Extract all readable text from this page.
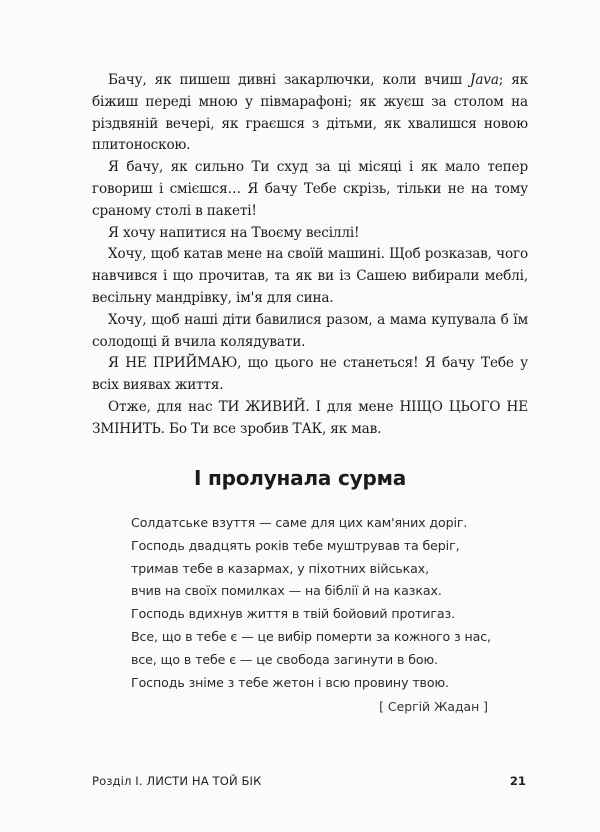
Бачу, як пишеш дивні закарлючки, коли вчиш Java; як біжиш переді мною у півмарафоні; як жуєш за столом на різдвяній вечері, як граєшся з дітьми, як хвалишся новою плитоноскою.

Я бачу, як сильно Ти схуд за ці місяці і як мало тепер говориш і смієшся… Я бачу Тебе скрізь, тільки не на тому сраному столі в пакеті!

Я хочу напитися на Твоєму весіллі!

Хочу, щоб катав мене на своїй машині. Щоб розказав, чого навчився і що прочитав, та як ви із Сашею вибирали меблі, весільну мандрівку, ім'я для сина.

Хочу, щоб наші діти бавилися разом, а мама купувала б їм солодощі й вчила колядувати.

Я НЕ ПРИЙМАЮ, що цього не станеться! Я бачу Тебе у всіх виявах життя.

Отже, для нас ТИ ЖИВИЙ. І для мене НІЩО ЦЬОГО НЕ ЗМІНИТЬ. Бо Ти все зробив ТАК, як мав.

І пролунала сурма
Солдатське взуття — саме для цих кам'яних доріг.
Господь двадцять років тебе муштрував та беріг,
тримав тебе в казармах, у піхотних військах,
вчив на своїх помилках — на біблії й на казках.
Господь вдихнув життя в твій бойовий протигаз.
Все, що в тебе є — це вибір померти за кожного з нас,
все, що в тебе є — це свобода загинути в бою.
Господь зніме з тебе жетон і всю провину твою.
[ Сергій Жадан ]
Розділ І. ЛИСТИ НА ТОЙ БІК	21
